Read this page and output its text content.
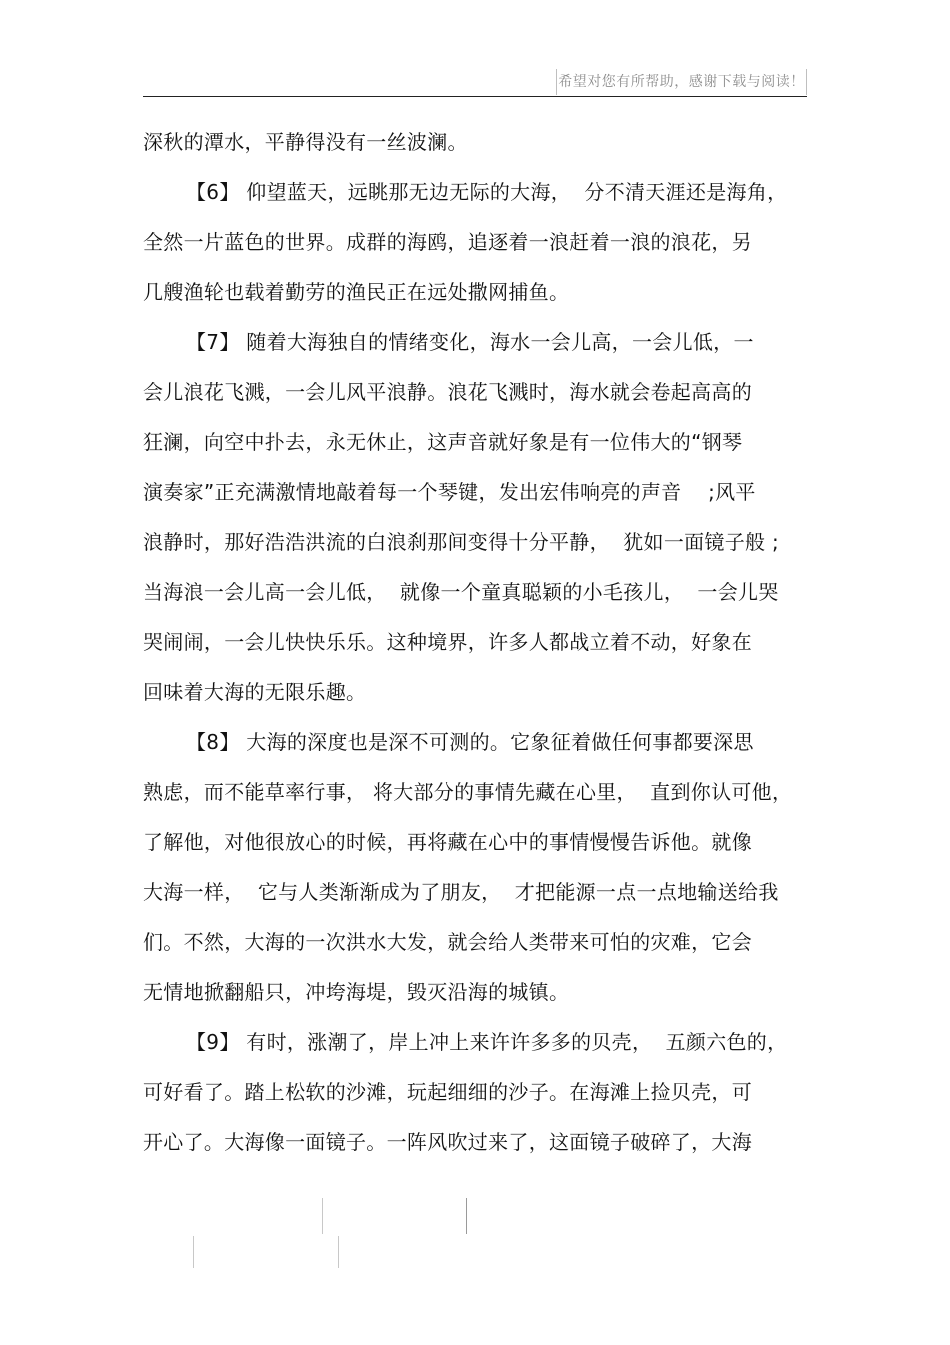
希望对您有所帮助，感谢下载与阅读！
深秋的潭水，平静得没有一丝波澜。
【6】 仰望蓝天，远眺那无边无际的大海，  分不清天涯还是海角，
全然一片蓝色的世界。成群的海鸥，追逐着一浪赶着一浪的浪花，另
几艘渔轮也载着勤劳的渔民正在远处撒网捕鱼。
【7】 随着大海独自的情绪变化，海水一会儿高，一会儿低，一
会儿浪花飞溅，一会儿风平浪静。浪花飞溅时，海水就会卷起高高的
狂澜，向空中扑去，永无休止，这声音就好象是有一位伟大的“钢琴
演奏家”正充满激情地敲着每一个琴键，发出宏伟响亮的声音    ;风平
浪静时，那好浩浩洪流的白浪刹那间变得十分平静，  犹如一面镜子般 ;
当海浪一会儿高一会儿低，  就像一个童真聪颖的小毛孩儿，  一会儿哭
哭闹闹，一会儿快快乐乐。这种境界，许多人都战立着不动，好象在
回味着大海的无限乐趣。
【8】 大海的深度也是深不可测的。它象征着做任何事都要深思
熟虑，而不能草率行事， 将大部分的事情先藏在心里，  直到你认可他，
了解他，对他很放心的时候，再将藏在心中的事情慢慢告诉他。就像
大海一样，  它与人类渐渐成为了朋友，  才把能源一点一点地输送给我
们。不然，大海的一次洪水大发，就会给人类带来可怕的灾难，它会
无情地掀翻船只，冲垮海堤，毁灭沿海的城镇。
【9】 有时，涨潮了，岸上冲上来许许多多的贝壳，  五颜六色的，
可好看了。踏上松软的沙滩，玩起细细的沙子。在海滩上捡贝壳，可
开心了。大海像一面镜子。一阵风吹过来了，这面镜子破碎了，大海
